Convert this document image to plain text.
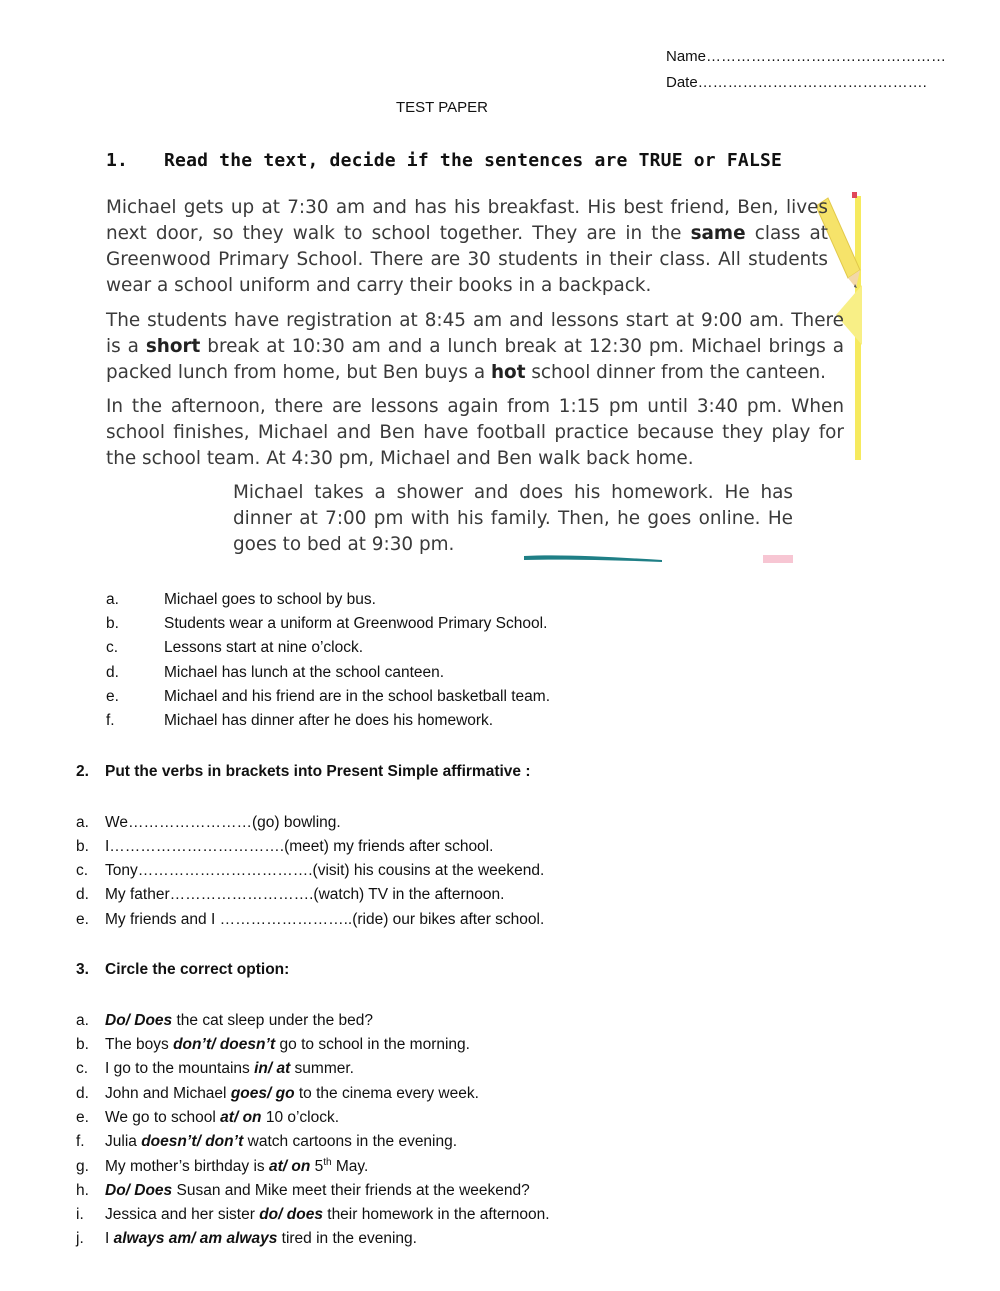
Name…………………………………………
Date……………………………………….
TEST PAPER
1. Read the text, decide if the sentences are TRUE or FALSE

Michael gets up at 7:30 am and has his breakfast. His best friend, Ben, lives next door, so they walk to school together. They are in the same class at Greenwood Primary School. There are 30 students in their class. All students wear a school uniform and carry their books in a backpack.

The students have registration at 8:45 am and lessons start at 9:00 am. There is a short break at 10:30 am and a lunch break at 12:30 pm. Michael brings a packed lunch from home, but Ben buys a hot school dinner from the canteen.

In the afternoon, there are lessons again from 1:15 pm until 3:40 pm. When school finishes, Michael and Ben have football practice because they play for the school team. At 4:30 pm, Michael and Ben walk back home.

Michael takes a shower and does his homework. He has dinner at 7:00 pm with his family. Then, he goes online. He goes to bed at 9:30 pm.

a.	Michael goes to school by bus.
b.	Students wear a uniform at Greenwood Primary School.
c.	Lessons start at nine o’clock.
d.	Michael has lunch at the school canteen.
e.	Michael and his friend are in the school basketball team.
f.	Michael has dinner after he does his homework.
2. Put the verbs in brackets into Present Simple affirmative :
a. We……………………(go) bowling.
b. I…………………………….(meet) my friends after school.
c. Tony…………………………….(visit) his cousins at the weekend.
d. My father……………………….(watch) TV in the afternoon.
e. My friends and I ……………………..(ride) our bikes after school.
3. Circle the correct option:
a. Do/ Does the cat sleep under the bed?
b. The boys don’t/ doesn’t go to school in the morning.
c. I go to the mountains in/ at summer.
d. John and Michael goes/ go to the cinema every week.
e. We go to school at/ on 10 o’clock.
f. Julia doesn’t/ don’t watch cartoons in the evening.
g. My mother’s birthday is at/ on 5th May.
h. Do/ Does Susan and Mike meet their friends at the weekend?
i. Jessica and her sister do/ does their homework in the afternoon.
j. I always am/ am always tired in the evening.
